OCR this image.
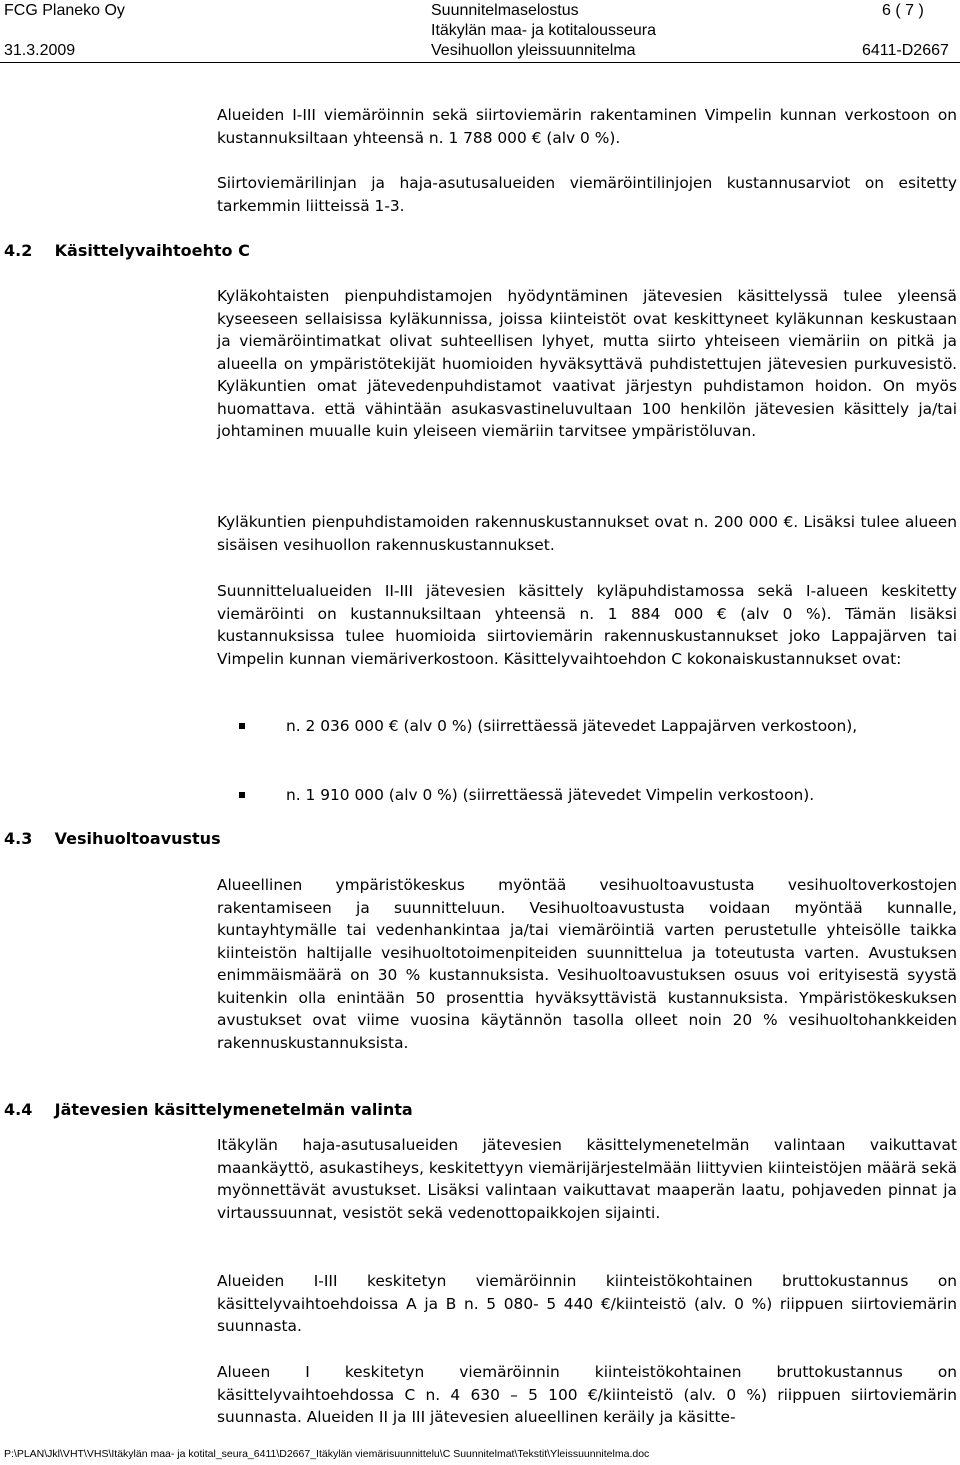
FCG Planeko Oy
31.3.2009
Suunnitelmaselostus
Itäkylän maa- ja kotitalousseura
Vesihuollon yleissuunnitelma
6 ( 7 )
6411-D2667

Alueiden I-III viemäröinnin sekä siirtoviemärin rakentaminen Vimpelin kunnan verkostoon on kustannuksiltaan yhteensä n. 1 788 000 € (alv 0 %).

Siirtoviemärilinjan ja haja-asutusalueiden viemäröintilinjojen kustannusarviot on esitetty tarkemmin liitteissä 1-3.

4.2 Käsittelyvaihtoehto C

Kyläkohtaisten pienpuhdistamojen hyödyntäminen jätevesien käsittelyssä tulee yleensä kyseeseen sellaisissa kyläkunnissa, joissa kiinteistöt ovat keskittyneet kyläkunnan keskustaan ja viemäröintimatkat olivat suhteellisen lyhyet, mutta siirto yhteiseen viemäriin on pitkä ja alueella on ympäristötekijät huomioiden hyväksyttävä puhdistettujen jätevesien purkuvesistö. Kyläkuntien omat jätevedenpuhdistamot vaativat järjestyn puhdistamon hoidon. On myös huomattava. että vähintään asukasvastineluvultaan 100 henkilön jätevesien käsittely ja/tai johtaminen muualle kuin yleiseen viemäriin tarvitsee ympäristöluvan.

Kyläkuntien pienpuhdistamoiden rakennuskustannukset ovat n. 200 000 €. Lisäksi tulee alueen sisäisen vesihuollon rakennuskustannukset.

Suunnittelualueiden II-III jätevesien käsittely kyläpuhdistamossa sekä I-alueen keskitetty viemäröinti on kustannuksiltaan yhteensä n. 1 884 000 € (alv 0 %). Tämän lisäksi kustannuksissa tulee huomioida siirtoviemärin rakennuskustannukset joko Lappajärven tai Vimpelin kunnan viemäriverkostoon. Käsittelyvaihtoehdon C kokonaiskustannukset ovat:

n. 2 036 000 € (alv 0 %) (siirrettäessä jätevedet Lappajärven verkostoon),

n. 1 910 000 (alv 0 %) (siirrettäessä jätevedet Vimpelin verkostoon).

4.3 Vesihuoltoavustus

Alueellinen ympäristökeskus myöntää vesihuoltoavustusta vesihuoltoverkostojen rakentamiseen ja suunnitteluun. Vesihuoltoavustusta voidaan myöntää kunnalle, kuntayhtymälle tai vedenhankintaa ja/tai viemäröintiä varten perustetulle yhteisölle taikka kiinteistön haltijalle vesihuoltotoimenpiteiden suunnittelua ja toteutusta varten. Avustuksen enimmäismäärä on 30 % kustannuksista. Vesihuoltoavustuksen osuus voi erityisestä syystä kuitenkin olla enintään 50 prosenttia hyväksyttävistä kustannuksista. Ympäristökeskuksen avustukset ovat viime vuosina käytännön tasolla olleet noin 20 % vesihuoltohankkeiden rakennuskustannuksista.

4.4 Jätevesien käsittelymenetelmän valinta

Itäkylän haja-asutusalueiden jätevesien käsittelymenetelmän valintaan vaikuttavat maankäyttö, asukastiheys, keskitettyyn viemärijärjestelmään liittyvien kiinteistöjen määrä sekä myönnettävät avustukset. Lisäksi valintaan vaikuttavat maaperän laatu, pohjaveden pinnat ja virtaussuunnat, vesistöt sekä vedenottopaikkojen sijainti.

Alueiden I-III keskitetyn viemäröinnin kiinteistökohtainen bruttokustannus on käsittelyvaihtoehdoissa A ja B n. 5 080- 5 440 €/kiinteistö (alv. 0 %) riippuen siirtoviemärin suunnasta.

Alueen I keskitetyn viemäröinnin kiinteistökohtainen bruttokustannus on käsittelyvaihtoehdossa C n. 4 630 – 5 100 €/kiinteistö (alv. 0 %) riippuen siirtoviemärin suunnasta. Alueiden II ja III jätevesien alueellinen keräily ja käsitte-

P:\PLAN\Jkl\VHT\VHS\Itäkylän maa- ja kotital_seura_6411\D2667_Itäkylän viemärisuunnittelu\C Suunnitelmat\Tekstit\Yleissuunnitelma.doc
